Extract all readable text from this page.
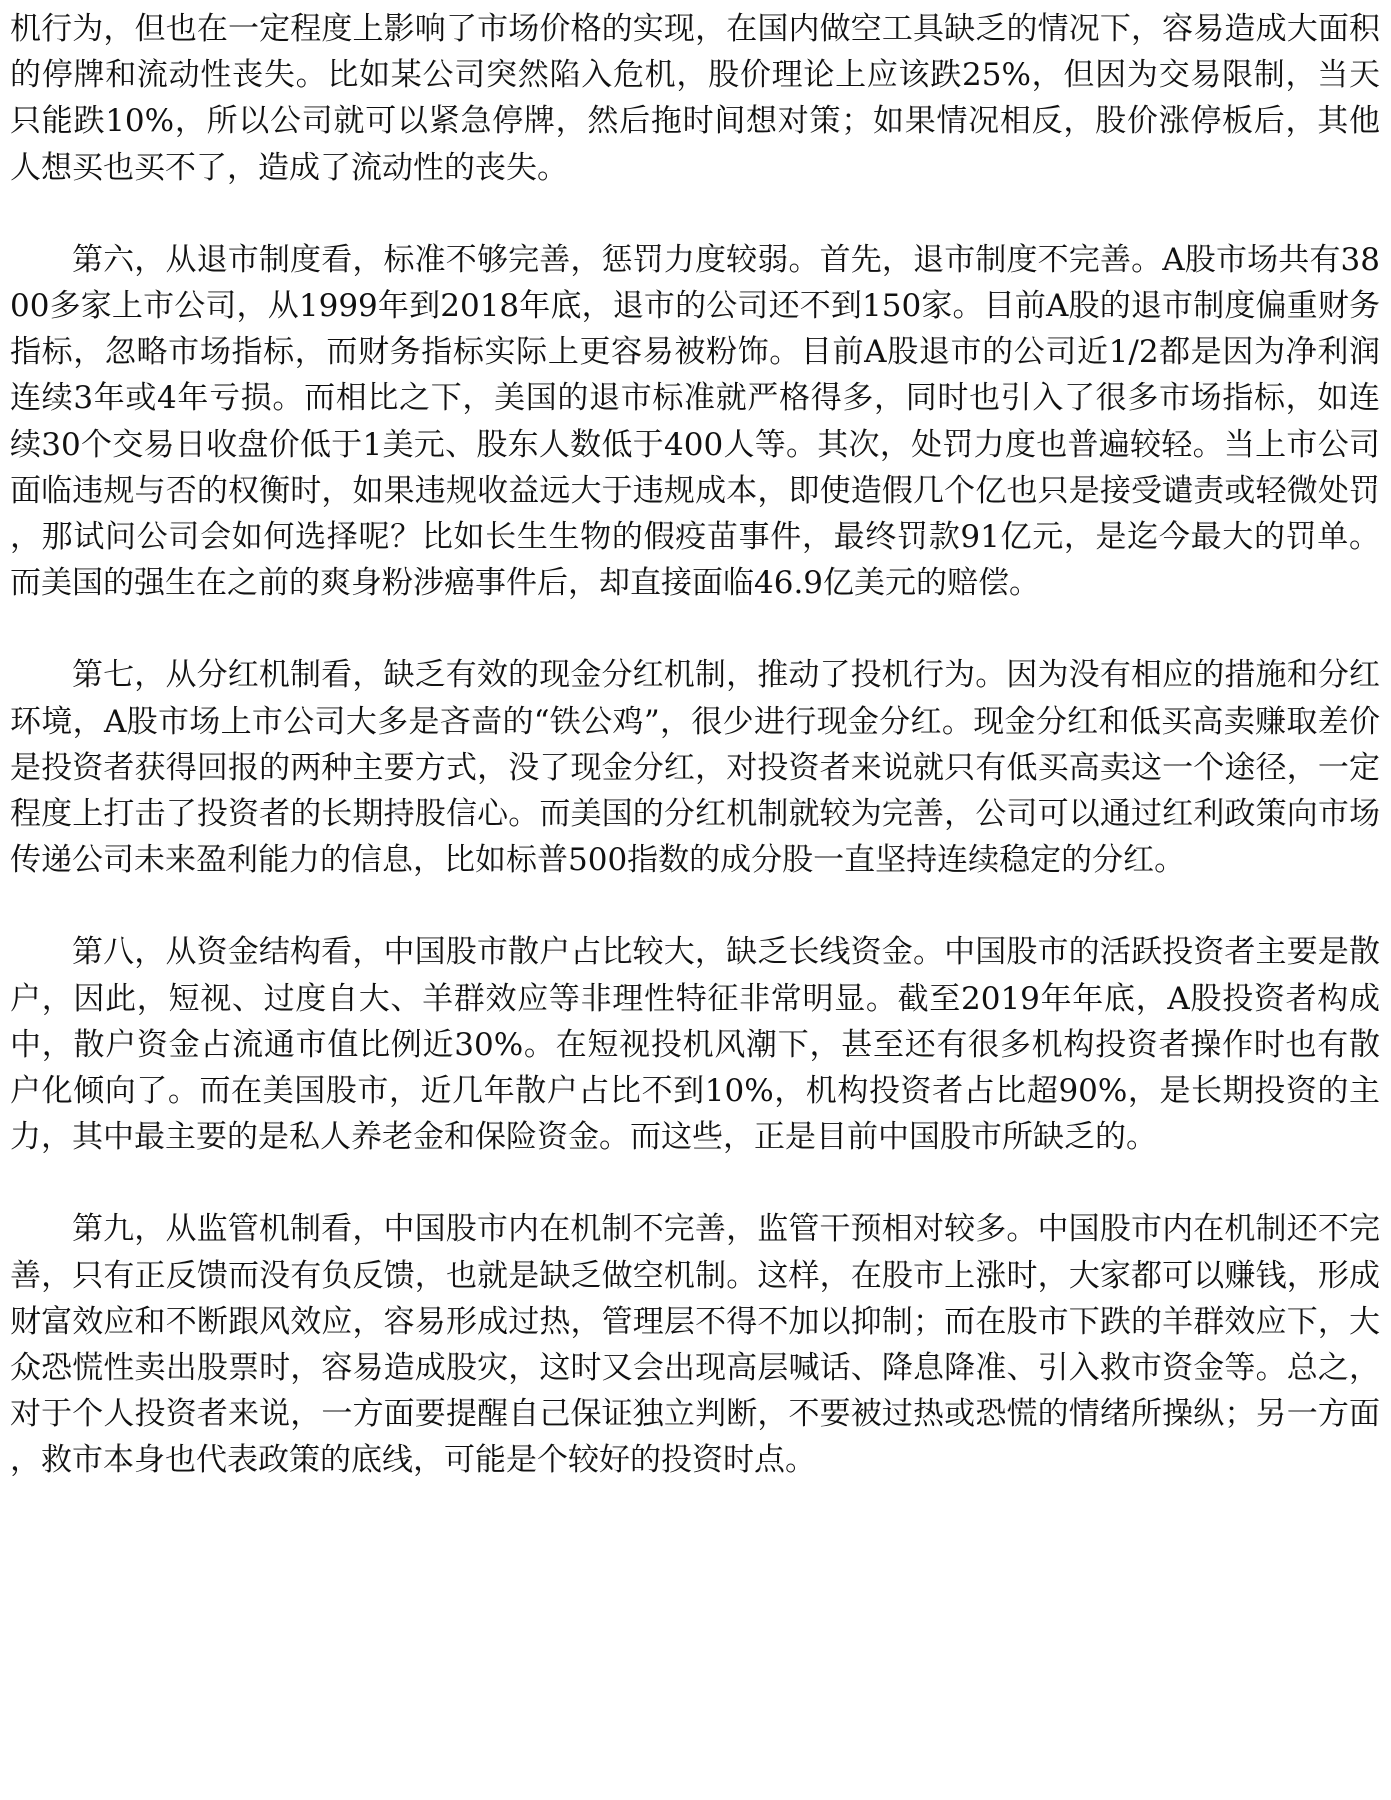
机行为，但也在一定程度上影响了市场价格的实现，在国内做空工具缺乏的情况下，容易造成大面积的停牌和流动性丧失。比如某公司突然陷入危机，股价理论上应该跌25%，但因为交易限制，当天只能跌10%，所以公司就可以紧急停牌，然后拖时间想对策；如果情况相反，股价涨停板后，其他人想买也买不了，造成了流动性的丧失。

第六，从退市制度看，标准不够完善，惩罚力度较弱。首先，退市制度不完善。A股市场共有3800多家上市公司，从1999年到2018年底，退市的公司还不到150家。目前A股的退市制度偏重财务指标，忽略市场指标，而财务指标实际上更容易被粉饰。目前A股退市的公司近1/2都是因为净利润连续3年或4年亏损。而相比之下，美国的退市标准就严格得多，同时也引入了很多市场指标，如连续30个交易日收盘价低于1美元、股东人数低于400人等。其次，处罚力度也普遍较轻。当上市公司面临违规与否的权衡时，如果违规收益远大于违规成本，即使造假几个亿也只是接受谴责或轻微处罚，那试问公司会如何选择呢？比如长生生物的假疫苗事件，最终罚款91亿元，是迄今最大的罚单。而美国的强生在之前的爽身粉涉癌事件后，却直接面临46.9亿美元的赔偿。

第七，从分红机制看，缺乏有效的现金分红机制，推动了投机行为。因为没有相应的措施和分红环境，A股市场上市公司大多是吝啬的“铁公鸡”，很少进行现金分红。现金分红和低买高卖赚取差价是投资者获得回报的两种主要方式，没了现金分红，对投资者来说就只有低买高卖这一个途径，一定程度上打击了投资者的长期持股信心。而美国的分红机制就较为完善，公司可以通过红利政策向市场传递公司未来盈利能力的信息，比如标普500指数的成分股一直坚持连续稳定的分红。

第八，从资金结构看，中国股市散户占比较大，缺乏长线资金。中国股市的活跃投资者主要是散户，因此，短视、过度自大、羊群效应等非理性特征非常明显。截至2019年年底，A股投资者构成中，散户资金占流通市值比例近30%。在短视投机风潮下，甚至还有很多机构投资者操作时也有散户化倾向了。而在美国股市，近几年散户占比不到10%，机构投资者占比超90%，是长期投资的主力，其中最主要的是私人养老金和保险资金。而这些，正是目前中国股市所缺乏的。

第九，从监管机制看，中国股市内在机制不完善，监管干预相对较多。中国股市内在机制还不完善，只有正反馈而没有负反馈，也就是缺乏做空机制。这样，在股市上涨时，大家都可以赚钱，形成财富效应和不断跟风效应，容易形成过热，管理层不得不加以抑制；而在股市下跌的羊群效应下，大众恐慌性卖出股票时，容易造成股灾，这时又会出现高层喊话、降息降准、引入救市资金等。总之，对于个人投资者来说，一方面要提醒自己保证独立判断，不要被过热或恐慌的情绪所操纵；另一方面，救市本身也代表政策的底线，可能是个较好的投资时点。
